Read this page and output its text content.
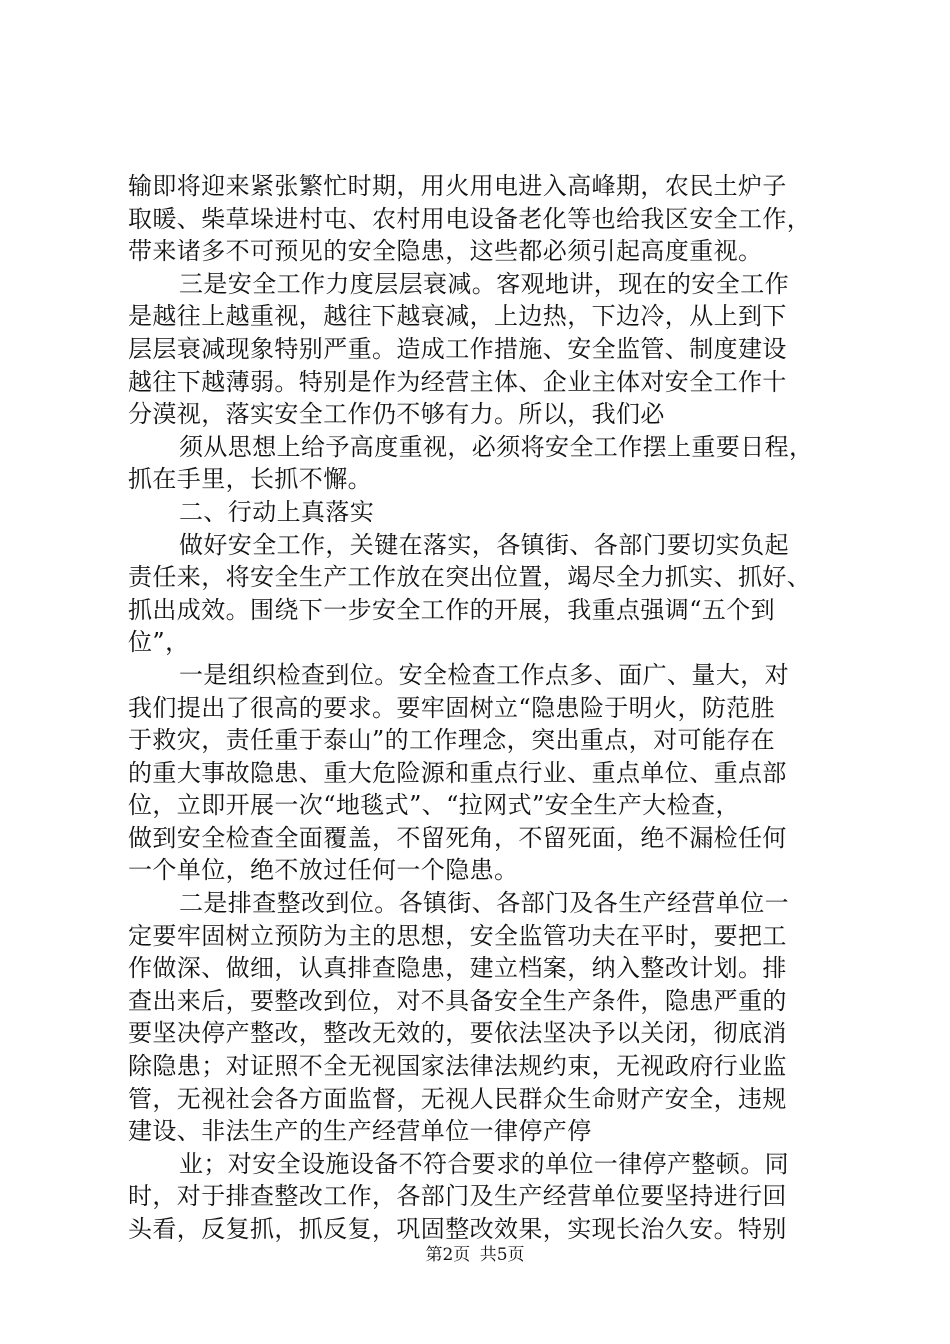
输即将迎来紧张繁忙时期，用火用电进入高峰期，农民土炉子
取暖、柴草垛进村屯、农村用电设备老化等也给我区安全工作，
带来诸多不可预见的安全隐患，这些都必须引起高度重视。
三是安全工作力度层层衰减。客观地讲，现在的安全工作
是越往上越重视，越往下越衰减，上边热，下边冷，从上到下
层层衰减现象特别严重。造成工作措施、安全监管、制度建设
越往下越薄弱。特别是作为经营主体、企业主体对安全工作十
分漠视，落实安全工作仍不够有力。所以，我们必
须从思想上给予高度重视，必须将安全工作摆上重要日程，
抓在手里，长抓不懈。
二、行动上真落实
做好安全工作，关键在落实，各镇街、各部门要切实负起
责任来，将安全生产工作放在突出位置，竭尽全力抓实、抓好、
抓出成效。围绕下一步安全工作的开展，我重点强调“五个到
位”，
一是组织检查到位。安全检查工作点多、面广、量大，对
我们提出了很高的要求。要牢固树立“隐患险于明火，防范胜
于救灾，责任重于泰山”的工作理念，突出重点，对可能存在
的重大事故隐患、重大危险源和重点行业、重点单位、重点部
位，立即开展一次“地毯式”、“拉网式”安全生产大检查，
做到安全检查全面覆盖，不留死角，不留死面，绝不漏检任何
一个单位，绝不放过任何一个隐患。
二是排查整改到位。各镇街、各部门及各生产经营单位一
定要牢固树立预防为主的思想，安全监管功夫在平时，要把工
作做深、做细，认真排查隐患，建立档案，纳入整改计划。排
查出来后，要整改到位，对不具备安全生产条件，隐患严重的
要坚决停产整改，整改无效的，要依法坚决予以关闭，彻底消
除隐患；对证照不全无视国家法律法规约束，无视政府行业监
管，无视社会各方面监督，无视人民群众生命财产安全，违规
建设、非法生产的生产经营单位一律停产停
业；对安全设施设备不符合要求的单位一律停产整顿。同
时，对于排查整改工作，各部门及生产经营单位要坚持进行回
头看，反复抓，抓反复，巩固整改效果，实现长治久安。特别
第2页 共5页
